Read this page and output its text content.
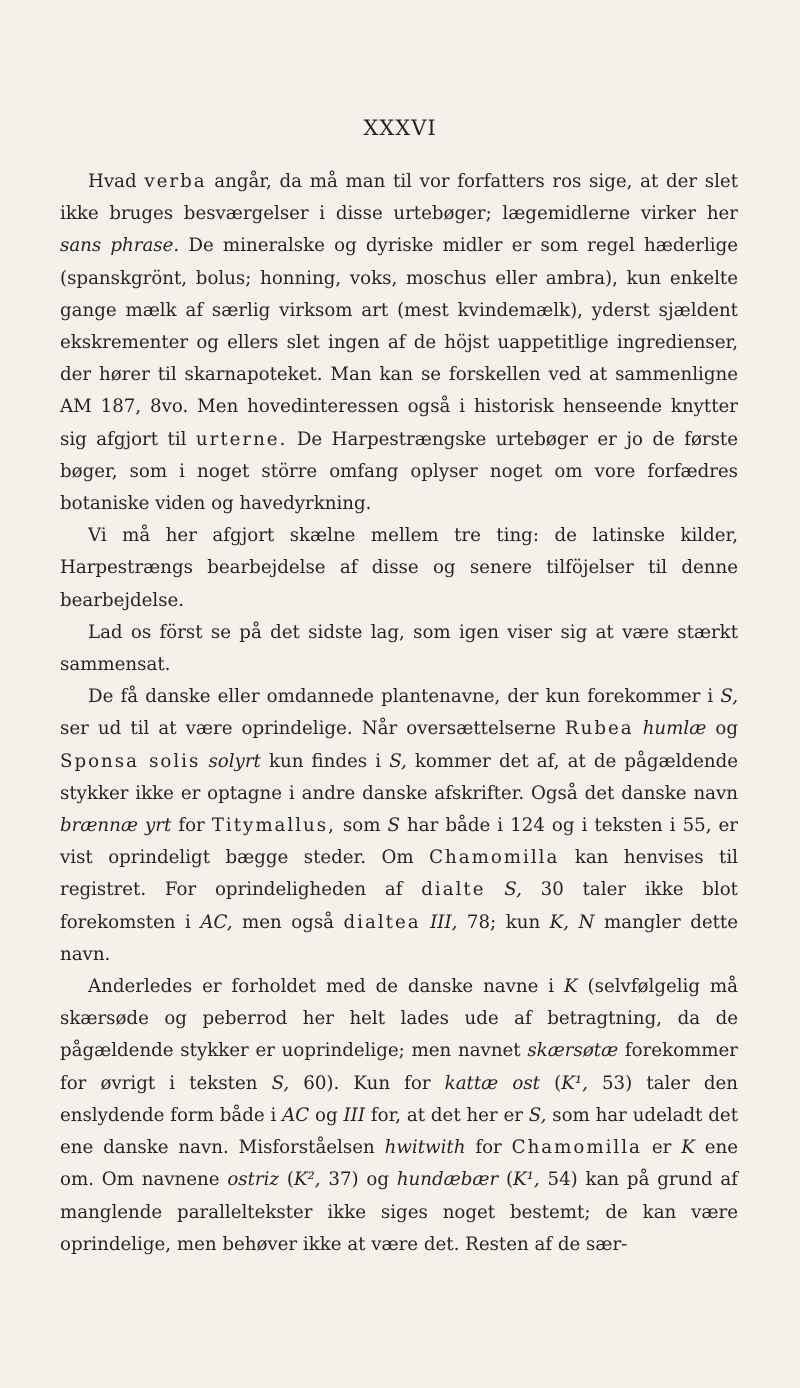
XXXVI

Hvad verba angår, da må man til vor forfatters ros sige, at der slet ikke bruges besværgelser i disse urtebøger; lægemidlerne virker her sans phrase. De mineralske og dyriske midler er som regel hæderlige (spanskgrönt, bolus; honning, voks, moschus eller ambra), kun enkelte gange mælk af særlig virksom art (mest kvindemælk), yderst sjældent ekskrementer og ellers slet ingen af de höjst uappetitlige ingredienser, der hører til skarnapoteket. Man kan se forskellen ved at sammenligne AM 187, 8vo. Men hovedinteressen også i historisk henseende knytter sig afgjort til urterne. De Harpestrængske urtebøger er jo de første bøger, som i noget större omfang oplyser noget om vore forfædres botaniske viden og havedyrkning.

Vi må her afgjort skælne mellem tre ting: de latinske kilder, Harpestrængs bearbejdelse af disse og senere tilföjelser til denne bearbejdelse.

Lad os först se på det sidste lag, som igen viser sig at være stærkt sammensat.

De få danske eller omdannede plantenavne, der kun forekommer i S, ser ud til at være oprindelige. Når oversættelserne Rubea humlæ og Sponsa solis solyrt kun findes i S, kommer det af, at de pågældende stykker ikke er optagne i andre danske afskrifter. Også det danske navn brænnæ yrt for Titymallus, som S har både i 124 og i teksten i 55, er vist oprindeligt bægge steder. Om Chamomilla kan henvises til registret. For oprindeligheden af dialte S, 30 taler ikke blot forekomsten i AC, men også dialtea III, 78; kun K, N mangler dette navn.

Anderledes er forholdet med de danske navne i K (selvfølgelig må skærsøde og peberrod her helt lades ude af betragtning, da de pågældende stykker er uoprindelige; men navnet skærsøtæ forekommer for øvrigt i teksten S, 60). Kun for kattæ ost (K¹, 53) taler den enslydende form både i AC og III for, at det her er S, som har udeladt det ene danske navn. Misforståelsen hwitwith for Chamomilla er K ene om. Om navnene ostriz (K², 37) og hundæbær (K¹, 54) kan på grund af manglende paralleltekster ikke siges noget bestemt; de kan være oprindelige, men behøver ikke at være det. Resten af de sær-
